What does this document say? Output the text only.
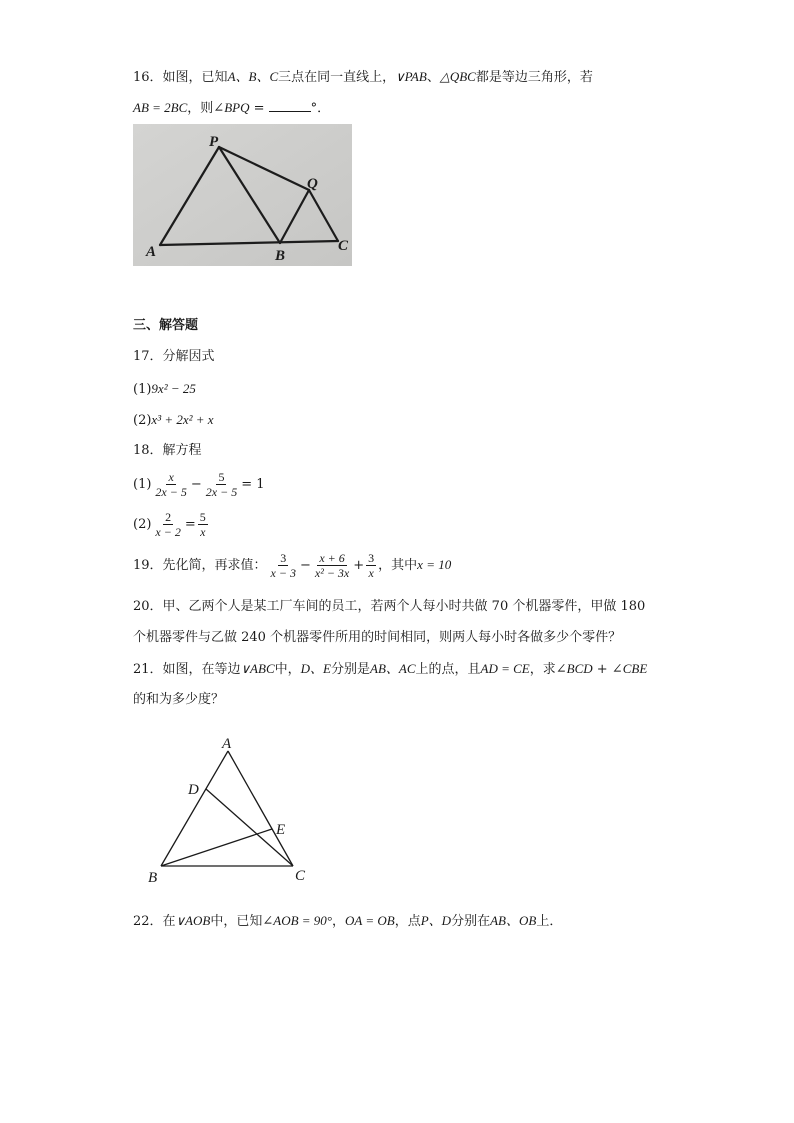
16．如图，已知A、B、C三点在同一直线上，∨PAB、△QBC都是等边三角形，若
AB = 2BC，则∠BPQ =	°．
P
Q
A	B
C
三、解答题
17．分解因式
(1)9x² − 25
(2)x³ + 2x² + x
18．解方程
$(1) \frac{x}{2x - 5} - \frac{5}{2x - 5} = 1$
$(2) \frac{2}{x - 2} = \frac{5}{x}$
19．先化简，再求值： $\frac{3}{x - 3} - \frac{x + 6}{\text{x² − 3x}} + \frac{3}{x}$ ，其中x = 10
20．甲、乙两个人是某工厂车间的员工，若两个人每小时共做 70 个机器零件，甲做 180
个机器零件与乙做 240 个机器零件所用的时间相同，则两人每小时各做多少个零件？
21．如图，在等边∨ABC中，D、E分别是AB、AC上的点，且AD = CE，求∠BCD + ∠CBE
的和为多少度？
A
B	C
D
E
22．在∨AOB中，已知∠AOB = 90°，OA = OB，点P、D分别在AB、OB上．
